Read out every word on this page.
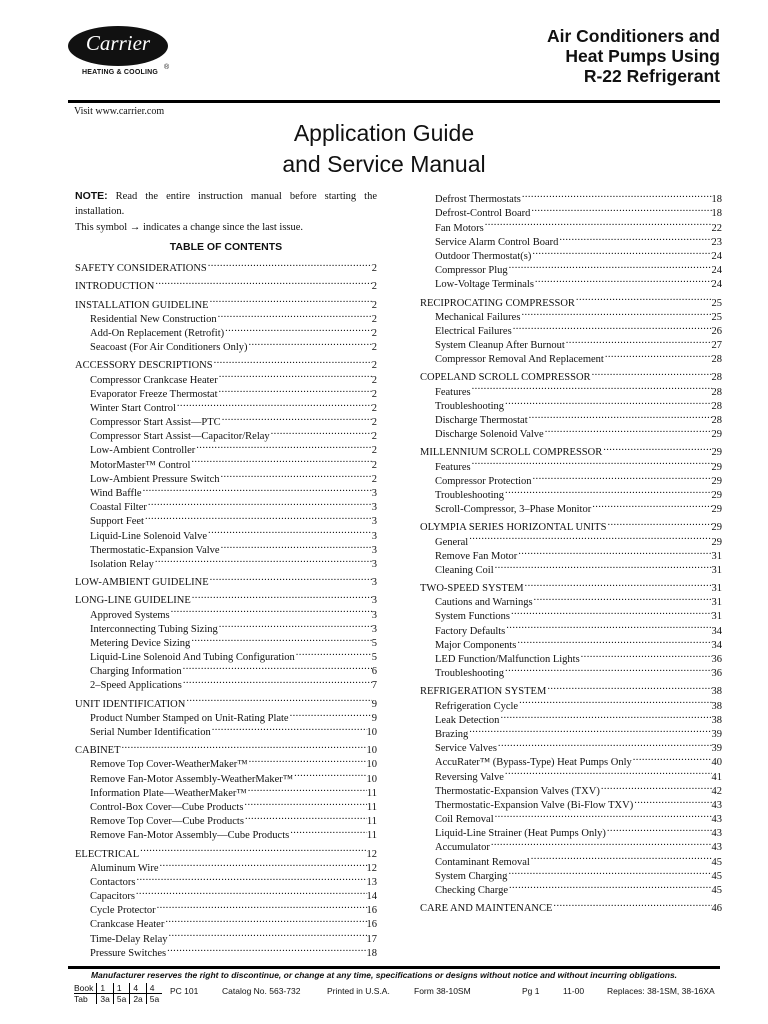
Carrier
®
HEATING & COOLING
Air Conditioners and
Heat Pumps Using
R-22 Refrigerant
Visit www.carrier.com
Application Guide
and Service Manual
NOTE: Read the entire instruction manual before starting the installation.
This symbol → indicates a change since the last issue.
TABLE OF CONTENTS
SAFETY CONSIDERATIONS .....	2
INTRODUCTION .....	2
INSTALLATION GUIDELINE .....	2
Residential New Construction .....	2
Add-On Replacement (Retrofit) .....	2
Seacoast (For Air Conditioners Only) .....	2
ACCESSORY DESCRIPTIONS .....	2
Compressor Crankcase Heater .....	2
Evaporator Freeze Thermostat .....	2
Winter Start Control .....	2
Compressor Start Assist—PTC .....	2
Compressor Start Assist—Capacitor/Relay .....	2
Low-Ambient Controller .....	2
MotorMaster™ Control .....	2
Low-Ambient Pressure Switch .....	2
Wind Baffle .....	3
Coastal Filter .....	3
Support Feet .....	3
Liquid-Line Solenoid Valve .....	3
Thermostatic-Expansion Valve .....	3
Isolation Relay .....	3
LOW-AMBIENT GUIDELINE .....	3
LONG-LINE GUIDELINE .....	3
Approved Systems .....	3
Interconnecting Tubing Sizing .....	3
Metering Device Sizing .....	5
Liquid-Line Solenoid And Tubing Configuration .....	5
Charging Information .....	6
2–Speed Applications .....	7
UNIT IDENTIFICATION .....	9
Product Number Stamped on Unit-Rating Plate .....	9
Serial Number Identification .....	10
CABINET .....	10
Remove Top Cover-WeatherMaker™ .....	10
Remove Fan-Motor Assembly-WeatherMaker™ .....	10
Information Plate—WeatherMaker™ .....	11
Control-Box Cover—Cube Products .....	11
Remove Top Cover—Cube Products .....	11
Remove Fan-Motor Assembly—Cube Products .....	11
ELECTRICAL .....	12
Aluminum Wire .....	12
Contactors .....	13
Capacitors .....	14
Cycle Protector .....	16
Crankcase Heater .....	16
Time-Delay Relay .....	17
Pressure Switches .....	18
Defrost Thermostats .....	18
Defrost-Control Board .....	18
Fan Motors .....	22
Service Alarm Control Board .....	23
Outdoor Thermostat(s) .....	24
Compressor Plug .....	24
Low-Voltage Terminals .....	24
RECIPROCATING COMPRESSOR .....	25
Mechanical Failures .....	25
Electrical Failures .....	26
System Cleanup After Burnout .....	27
Compressor Removal And Replacement .....	28
COPELAND SCROLL COMPRESSOR .....	28
Features .....	28
Troubleshooting .....	28
Discharge Thermostat .....	28
Discharge Solenoid Valve .....	29
MILLENNIUM SCROLL COMPRESSOR .....	29
Features .....	29
Compressor Protection .....	29
Troubleshooting .....	29
Scroll-Compressor, 3–Phase Monitor .....	29
OLYMPIA SERIES HORIZONTAL UNITS .....	29
General .....	29
Remove Fan Motor .....	31
Cleaning Coil .....	31
TWO-SPEED SYSTEM .....	31
Cautions and Warnings .....	31
System Functions .....	31
Factory Defaults .....	34
Major Components .....	34
LED Function/Malfunction Lights .....	36
Troubleshooting .....	36
REFRIGERATION SYSTEM .....	38
Refrigeration Cycle .....	38
Leak Detection .....	38
Brazing .....	39
Service Valves .....	39
AccuRater™ (Bypass-Type) Heat Pumps Only .....	40
Reversing Valve .....	41
Thermostatic-Expansion Valves (TXV) .....	42
Thermostatic-Expansion Valve (Bi-Flow TXV) .....	43
Coil Removal .....	43
Liquid-Line Strainer (Heat Pumps Only) .....	43
Accumulator .....	43
Contaminant Removal .....	45
System Charging .....	45
Checking Charge .....	45
CARE AND MAINTENANCE .....	46
Manufacturer reserves the right to discontinue, or change at any time, specifications or designs without notice and without incurring obligations.
Book	1	1	4	4
Tab	3a	5a	2a	5a
PC 101	Catalog No. 563-732	Printed in U.S.A.	Form 38-10SM	Pg 1	11-00	Replaces: 38-1SM, 38-16XA
